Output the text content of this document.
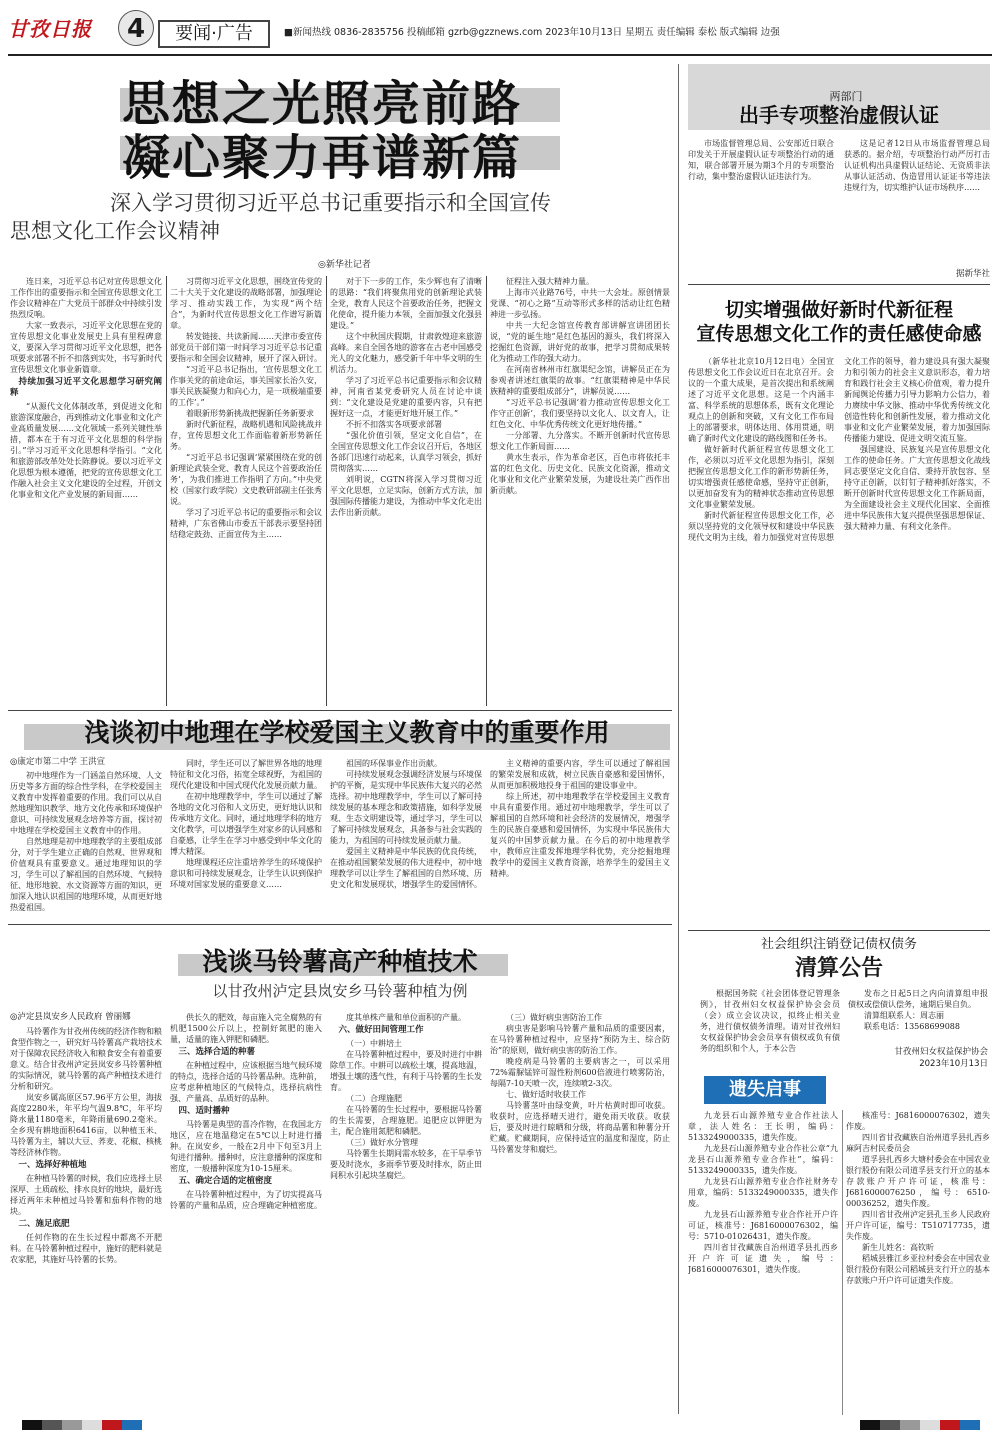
甘孜日报	4	要闻·广告	■新闻热线 0836-2835756 投稿邮箱 gzrb@gzznews.com 2023年10月13日 星期五 责任编辑 泰松 版式编辑 边强
思想之光照亮前路
凝心聚力再谱新篇
深入学习贯彻习近平总书记重要指示和全国宣传
思想文化工作会议精神
◎新华社记者

连日来，习近平总书记对宣传思想文化工作作出的重要指示和全国宣传思想文化工作会议精神在广大党员干部群众中持续引发热烈反响。

大家一致表示，习近平文化思想在党的宣传思想文化事业发展史上具有里程碑意义，要深入学习贯彻习近平文化思想，把各项要求部署不折不扣落到实处，书写新时代宣传思想文化事业新篇章。

持续加强习近平文化思想学习研究阐释

“从源代文化体制改革，到促进文化和旅游深度融合，再到推动文化事业和文化产业高质量发展……文化领域一系列关键性举措，都本在于有习近平文化思想的科学指引。”学习习近平文化思想科学指引。“文化和旅游部改革处处长陈静说。要以习近平文化思想为根本遵循，把党的宣传思想文化工作融入社会主义文化建设的全过程，开创文化事业和文化产业发展的新局面……

习贯彻习近平文化思想，围绕宣传党的二十大关于文化建设的战略部署，加强理论学习、推动实践工作，为实现“两个结合”，为新时代宣传思想文化工作谱写新篇章。

转发链接、共读新闻……天津市委宣传部党员干部们第一时间学习习近平总书记重要指示和全国会议精神，展开了深入研讨。

“习近平总书记指出，‘宣传思想文化工作事关党的前途命运，事关国家长治久安，事关民族凝聚力和向心力，是一项极端重要的工作’。”

着眼新形势新挑战把握新任务新要求

新时代新征程，战略机遇和风险挑战并存，宣传思想文化工作面临着新形势新任务。

“习近平总书记强调‘紧紧围绕在党的创新理论武装全党、教育人民这个首要政治任务’，为我们推进工作指明了方向。”中央党校（国家行政学院）文史教研部副主任张秀说。

学习了习近平总书记的重要指示和会议精神，广东省佛山市委五干部表示要坚持团结稳定鼓劲、正面宣传为主……

对于下一步的工作，朱少辉也有了清晰的思路：“我们将聚焦用党的创新理论武装全党，教育人民这个首要政治任务，把握文化使命，提升能力本领，全面加强文化强县建设。”

这个中秋国庆假期，甘肃敦煌迎来旅游高峰。来自全国各地的游客在古老中国感受光人的文化魅力，感受新千年中华文明的生机活力。

学习了习近平总书记重要指示和会议精神，河南省某党委研究人员在讨论中谈到：“文化建设是党建的重要内容，只有把握好这一点，才能更好地开展工作。”

不折不扣落实各项要求部署

“强化价值引领，坚定文化自信”，在全国宣传思想文化工作会议召开后，各地区各部门迅速行动起来，认真学习领会，抓好贯彻落实……

刘明说，CGTN将深入学习贯彻习近平文化思想，立足实际，创新方式方法，加强国际传播能力建设，为推动中华文化走出去作出新贡献。

征程注入强大精神力量。

上海市兴业路76号，中共一大会址。原创情景党课、“初心之路”互动等形式多样的活动让红色精神进一步弘扬。

中共一大纪念馆宣传教育部讲解宣讲团团长说，“党的诞生地”是红色基因的源头，我们将深入挖掘红色资源，讲好党的故事，把学习贯彻成果转化为推动工作的强大动力。

在河南省林州市红旗渠纪念馆，讲解员正在为参观者讲述红旗渠的故事。“红旗渠精神是中华民族精神的重要组成部分”，讲解员说……

“习近平总书记强调‘着力推动宣传思想文化工作守正创新’，我们要坚持以文化人、以文育人，让红色文化、中华优秀传统文化更好地传播。”

一分部署、九分落实。不断开创新时代宣传思想文化工作新局面……

黄水生表示，作为革命老区，百色市将依托丰富的红色文化、历史文化、民族文化资源，推动文化事业和文化产业繁荣发展，为建设壮美广西作出新贡献。

两部门
出手专项整治虚假认证

市场监督管理总局、公安部近日联合印发关于开展虚假认证专项整治行动的通知，联合部署开展为期3个月的专项整治行动，集中整治虚假认证违法行为。

这是记者12日从市场监督管理总局获悉的。据介绍，专项整治行动严厉打击认证机构出具虚假认证结论、无资质非法从事认证活动、伪造冒用认证证书等违法违规行为，切实维护认证市场秩序……

据新华社
切实增强做好新时代新征程
宣传思想文化工作的责任感使命感

（新华社北京10月12日电）全国宣传思想文化工作会议近日在北京召开。会议的一个重大成果，是首次提出和系统阐述了习近平文化思想。这是一个内涵丰富、科学系统的思想体系，既有文化理论观点上的创新和突破，又有文化工作布局上的部署要求，明体达用、体用贯通，明确了新时代文化建设的路线图和任务书。

做好新时代新征程宣传思想文化工作，必须以习近平文化思想为指引，深刻把握宣传思想文化工作的新形势新任务，切实增强责任感使命感，坚持守正创新，以更加奋发有为的精神状态推动宣传思想文化事业繁荣发展。

新时代新征程宣传思想文化工作，必须以坚持党的文化领导权和建设中华民族现代文明为主线，着力加强党对宣传思想文化工作的领导，着力建设具有强大凝聚力和引领力的社会主义意识形态，着力培育和践行社会主义核心价值观，着力提升新闻舆论传播力引导力影响力公信力，着力赓续中华文脉、推动中华优秀传统文化创造性转化和创新性发展，着力推动文化事业和文化产业繁荣发展，着力加强国际传播能力建设、促进文明交流互鉴。

强国建设、民族复兴是宣传思想文化工作的使命任务。广大宣传思想文化战线同志要坚定文化自信、秉持开放包容、坚持守正创新，以钉钉子精神抓好落实，不断开创新时代宣传思想文化工作新局面，为全面建设社会主义现代化国家、全面推进中华民族伟大复兴提供坚强思想保证、强大精神力量、有利文化条件。

社会组织注销登记债权债务
清算公告

根据国务院《社会团体登记管理条例》，甘孜州妇女权益保护协会会员（会）成立会议决议，拟终止相关业务，进行债权债务清理。请对甘孜州妇女权益保护协会会员享有债权或负有债务的组织和个人，于本公告

发布之日起5日之内向清算组申报债权或偿债认偿务，逾期后果自负。

清算组联系人：周志丽

联系电话：13568699088

甘孜州妇女权益保护协会
2023年10月13日
遗失启事

九龙县石山源养殖专业合作社法人章，法人姓名：王长明，编码：5133249000335，遗失作废。

九龙县石山源养殖专业合作社公章“九龙县石山源养殖专业合作社”，编码：5133249000335，遗失作废。

九龙县石山源养殖专业合作社财务专用章，编码：5133249000335，遗失作废。

九龙县石山源养殖专业合作社开户许可证，核准号：J6816000076302，编号：5710-01026431，遗失作废。

四川省甘孜藏族自治州道孚县扎西乡开户许可证遗失，编号：J6816000076301，遗失作废。

核准号：J6816000076302，遗失作废。

四川省甘孜藏族自治州道孚县扎西乡麻阿吉村民委员会

道孚县扎西乡大塘村委会在中国农业银行股份有限公司道孚县支行开立的基本存款账户开户许可证，核准号：J6816000076250，编号：6510-00036252，遗失作废。

四川省甘孜州泸定县孔玉乡人民政府开户许可证，编号：T510717735，遗失作废。

新生儿姓名：高钦昕

稻城县雅江乡亚拉村委会在中国农业银行股份有限公司稻城县支行开立的基本存款账户开户许可证遗失作废。

浅谈初中地理在学校爱国主义教育中的重要作用
◎康定市第二中学 王洪宣

初中地理作为一门涵盖自然环境、人文历史等多方面的综合性学科，在学校爱国主义教育中发挥着重要的作用。我们可以从自然地理知识教学、地方文化传承和环境保护意识、可持续发展观念培养等方面，探讨初中地理在学校爱国主义教育中的作用。

自然地理是初中地理教学的主要组成部分，对于学生建立正确的自然观、世界观和价值观具有重要意义。通过地理知识的学习，学生可以了解祖国的自然环境、气候特征、地形地貌、水文资源等方面的知识，更加深入地认识祖国的地理环境，从而更好地热爱祖国。

同时，学生还可以了解世界各地的地理特征和文化习俗，拓宽全球视野，为祖国的现代化建设和中国式现代化发展贡献力量。

在初中地理教学中，学生可以通过了解各地的文化习俗和人文历史，更好地认识和传承地方文化。同时，通过地理学科的地方文化教学，可以增强学生对家乡的认同感和自豪感，让学生在学习中感受到中华文化的博大精深。

地理课程还应注重培养学生的环境保护意识和可持续发展观念，让学生认识到保护环境对国家发展的重要意义……

祖国的环保事业作出贡献。

可持续发展观念强调经济发展与环境保护的平衡，是实现中华民族伟大复兴的必然选择。初中地理教学中，学生可以了解可持续发展的基本理念和政策措施，如科学发展观、生态文明建设等，通过学习，学生可以了解可持续发展观念，具备参与社会实践的能力，为祖国的可持续发展贡献力量。

爱国主义精神是中华民族的优良传统，在推动祖国繁荣发展的伟大进程中，初中地理教学可以让学生了解祖国的自然环境、历史文化和发展现状，增强学生的爱国情怀。

主义精神的重要内容，学生可以通过了解祖国的繁荣发展和成就，树立民族自豪感和爱国情怀，从而更加积极地投身于祖国的建设事业中。

综上所述，初中地理教学在学校爱国主义教育中具有重要作用。通过初中地理教学，学生可以了解祖国的自然环境和社会经济的发展情况，增强学生的民族自豪感和爱国情怀，为实现中华民族伟大复兴的中国梦贡献力量。在今后的初中地理教学中，教师应注重发挥地理学科优势，充分挖掘地理教学中的爱国主义教育资源，培养学生的爱国主义精神。

浅谈马铃薯高产种植技术
以甘孜州泸定县岚安乡马铃薯种植为例
◎泸定县岚安乡人民政府 曾丽娜

马铃薯作为甘孜州传统的经济作物和粮食型作物之一，研究好马铃薯高产栽培技术对于保障农民经济收入和粮食安全有着重要意义。结合甘孜州泸定县岚安乡马铃薯种植的实际情况，就马铃薯的高产种植技术进行分析和研究。

岚安乡属高原区57.96平方公里，海拔高度2280米，年平均气温9.8℃，年平均降水量1180毫米，年降雨量690.2毫米。全乡现有耕地面积6416亩，以种植玉米、马铃薯为主，辅以大豆、荞麦、花椒、核桃等经济林作物。

一、选择好种植地

在种植马铃薯的时候，我们应选择土层深厚、土质疏松、排水良好的地块，最好选择近两年未种植过马铃薯和茄科作物的地块。

二、施足底肥

任何作物的在生长过程中都离不开肥料。在马铃薯种植过程中，施好的肥料就是农家肥，其施好马铃薯的长势。

供长久的肥效，每亩施入完全腐熟的有机肥1500公斤以上，控制好氮肥的施入量，适量的施入钾肥和磷肥。

三、选择合适的种薯

在种植过程中，应该根据当地气候环境的特点，选择合适的马铃薯品种。选种前，应考虑种植地区的气候特点，选择抗病性强、产量高、品质好的品种。

四、适时播种

马铃薯是典型的喜冷作物，在我国北方地区，应在地温稳定在5℃以上时进行播种。在岚安乡，一般在2月中下旬至3月上旬进行播种。播种时，应注意播种的深度和密度，一般播种深度为10-15厘米。

五、确定合适的定植密度

在马铃薯种植过程中，为了切实提高马铃薯的产量和品质，应合理确定种植密度。

度其单株产量和单位面积的产量。

六、做好田间管理工作

（一）中耕培土

在马铃薯种植过程中，要及时进行中耕除草工作。中耕可以疏松土壤，提高地温，增强土壤的透气性，有利于马铃薯的生长发育。

（二）合理施肥

在马铃薯的生长过程中，要根据马铃薯的生长需要，合理施肥。追肥应以钾肥为主，配合施用氮肥和磷肥。

（三）做好水分管理

马铃薯生长期间需水较多，在干旱季节要及时浇水，多雨季节要及时排水，防止田间积水引起块茎腐烂。

（三）做好病虫害防治工作

病虫害是影响马铃薯产量和品质的重要因素，在马铃薯种植过程中，应坚持“预防为主、综合防治”的原则，做好病虫害的防治工作。

晚疫病是马铃薯的主要病害之一，可以采用72%霜脲锰锌可湿性粉剂600倍液进行喷雾防治，每隔7-10天喷一次，连续喷2-3次。

七、做好适时收获工作

马铃薯茎叶由绿变黄，叶片枯黄时即可收获。收获时，应选择晴天进行，避免雨天收获。收获后，要及时进行晾晒和分级，将商品薯和种薯分开贮藏。贮藏期间，应保持适宜的温度和湿度，防止马铃薯发芽和腐烂。
